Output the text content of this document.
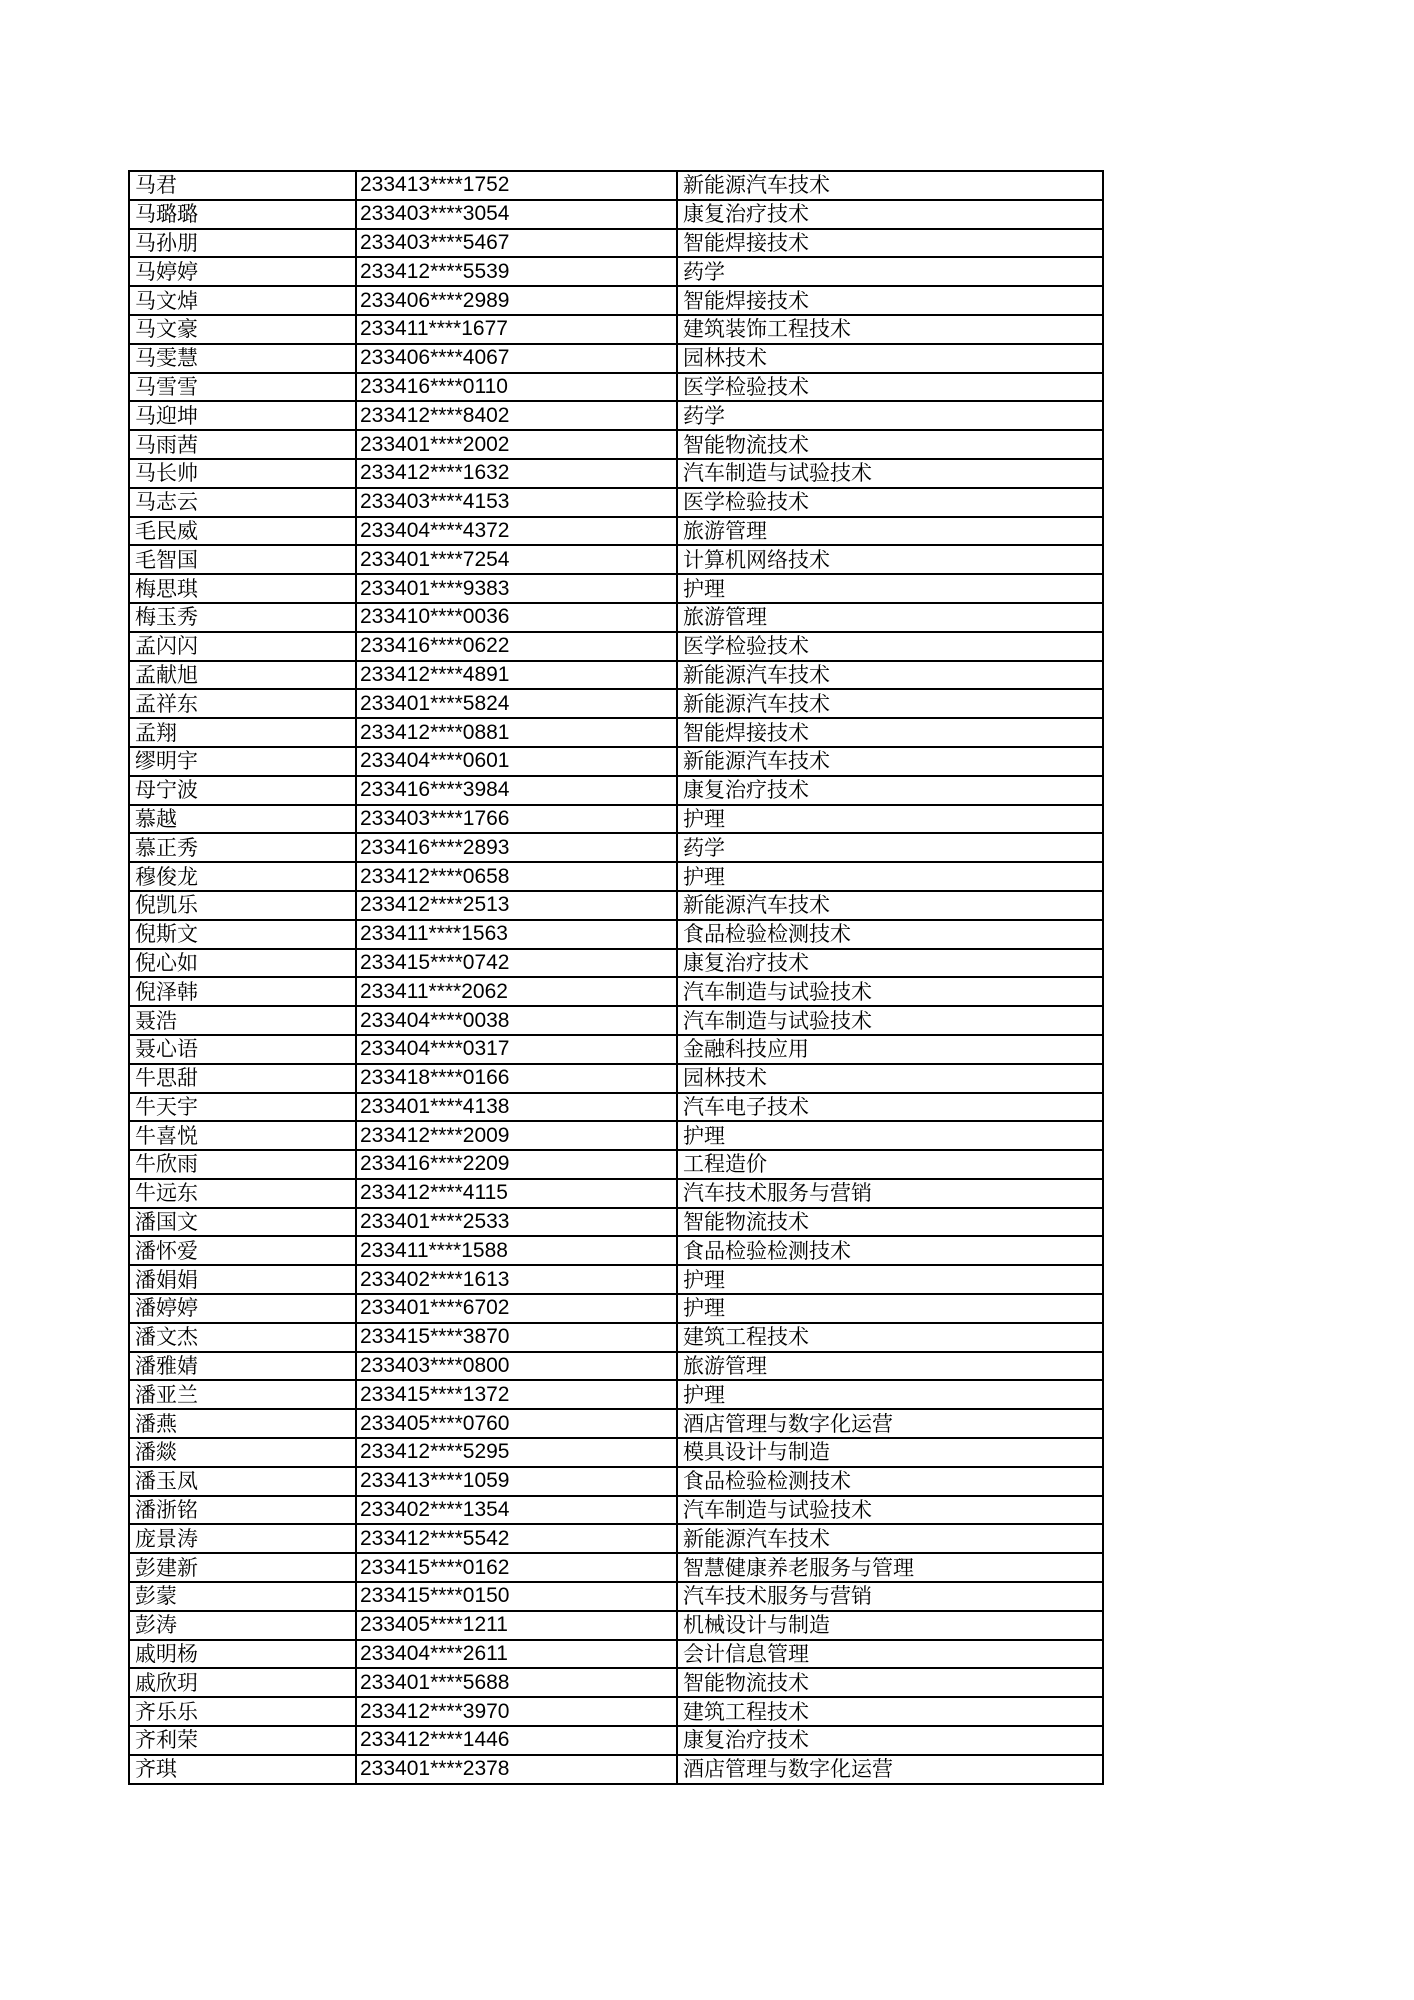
马君	233413****1752	新能源汽车技术
马璐璐	233403****3054	康复治疗技术
马孙朋	233403****5467	智能焊接技术
马婷婷	233412****5539	药学
马文焯	233406****2989	智能焊接技术
马文豪	233411****1677	建筑装饰工程技术
马雯慧	233406****4067	园林技术
马雪雪	233416****0110	医学检验技术
马迎坤	233412****8402	药学
马雨茜	233401****2002	智能物流技术
马长帅	233412****1632	汽车制造与试验技术
马志云	233403****4153	医学检验技术
毛民威	233404****4372	旅游管理
毛智国	233401****7254	计算机网络技术
梅思琪	233401****9383	护理
梅玉秀	233410****0036	旅游管理
孟闪闪	233416****0622	医学检验技术
孟献旭	233412****4891	新能源汽车技术
孟祥东	233401****5824	新能源汽车技术
孟翔	233412****0881	智能焊接技术
缪明宇	233404****0601	新能源汽车技术
母宁波	233416****3984	康复治疗技术
慕越	233403****1766	护理
慕正秀	233416****2893	药学
穆俊龙	233412****0658	护理
倪凯乐	233412****2513	新能源汽车技术
倪斯文	233411****1563	食品检验检测技术
倪心如	233415****0742	康复治疗技术
倪泽韩	233411****2062	汽车制造与试验技术
聂浩	233404****0038	汽车制造与试验技术
聂心语	233404****0317	金融科技应用
牛思甜	233418****0166	园林技术
牛天宇	233401****4138	汽车电子技术
牛喜悦	233412****2009	护理
牛欣雨	233416****2209	工程造价
牛远东	233412****4115	汽车技术服务与营销
潘国文	233401****2533	智能物流技术
潘怀爱	233411****1588	食品检验检测技术
潘娟娟	233402****1613	护理
潘婷婷	233401****6702	护理
潘文杰	233415****3870	建筑工程技术
潘雅婧	233403****0800	旅游管理
潘亚兰	233415****1372	护理
潘燕	233405****0760	酒店管理与数字化运营
潘燚	233412****5295	模具设计与制造
潘玉凤	233413****1059	食品检验检测技术
潘浙铭	233402****1354	汽车制造与试验技术
庞景涛	233412****5542	新能源汽车技术
彭建新	233415****0162	智慧健康养老服务与管理
彭蒙	233415****0150	汽车技术服务与营销
彭涛	233405****1211	机械设计与制造
戚明杨	233404****2611	会计信息管理
戚欣玥	233401****5688	智能物流技术
齐乐乐	233412****3970	建筑工程技术
齐利荣	233412****1446	康复治疗技术
齐琪	233401****2378	酒店管理与数字化运营
